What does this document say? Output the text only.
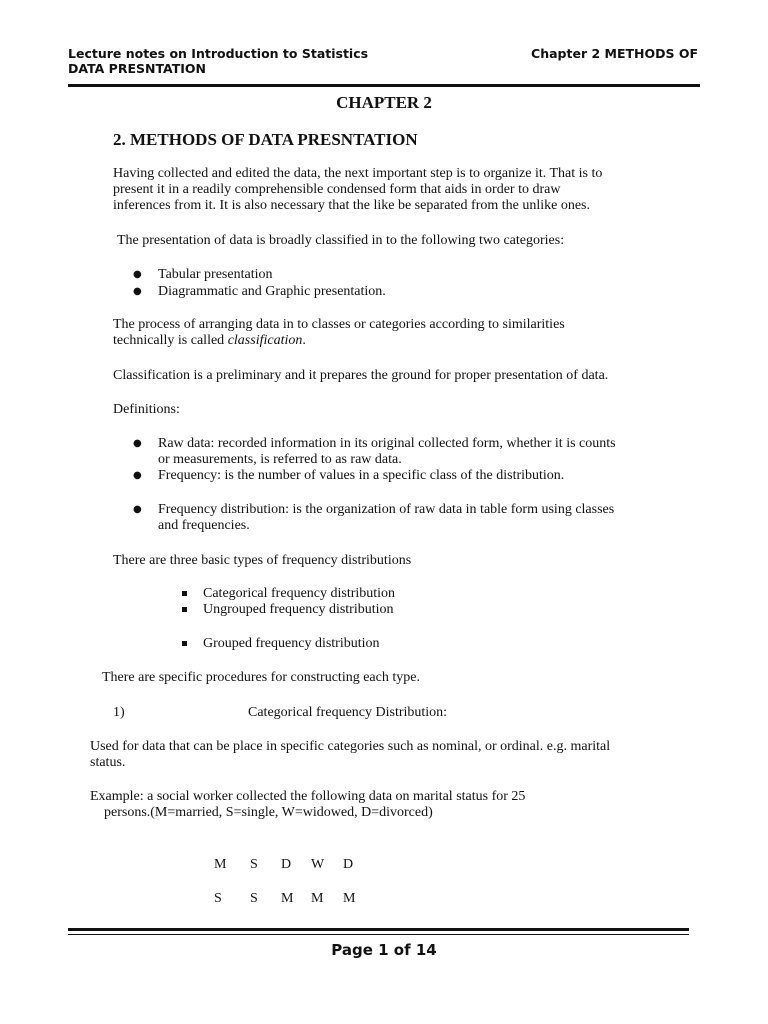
Lecture notes on Introduction to Statistics
DATA PRESNTATION
Chapter 2 METHODS OF
CHAPTER 2
2. METHODS OF DATA PRESNTATION
Having collected and edited the data, the next important step is to organize it. That is to
present it in a readily comprehensible condensed form that aids in order to draw
inferences from it. It is also necessary that the like be separated from the unlike ones.
The presentation of data is broadly classified in to the following two categories:
● Tabular presentation
● Diagrammatic and Graphic presentation.
The process of arranging data in to classes or categories according to similarities
technically is called classification.
Classification is a preliminary and it prepares the ground for proper presentation of data.
Definitions:
● Raw data: recorded information in its original collected form, whether it is counts
or measurements, is referred to as raw data.
● Frequency: is the number of values in a specific class of the distribution.
● Frequency distribution: is the organization of raw data in table form using classes
and frequencies.
There are three basic types of frequency distributions
Categorical frequency distribution
Ungrouped frequency distribution
Grouped frequency distribution
There are specific procedures for constructing each type.
1)	Categorical frequency Distribution:
Used for data that can be place in specific categories such as nominal, or ordinal. e.g. marital
status.
Example: a social worker collected the following data on marital status for 25
persons.(M=married, S=single, W=widowed, D=divorced)
M S D W D
S S M M M
Page 1 of 14
